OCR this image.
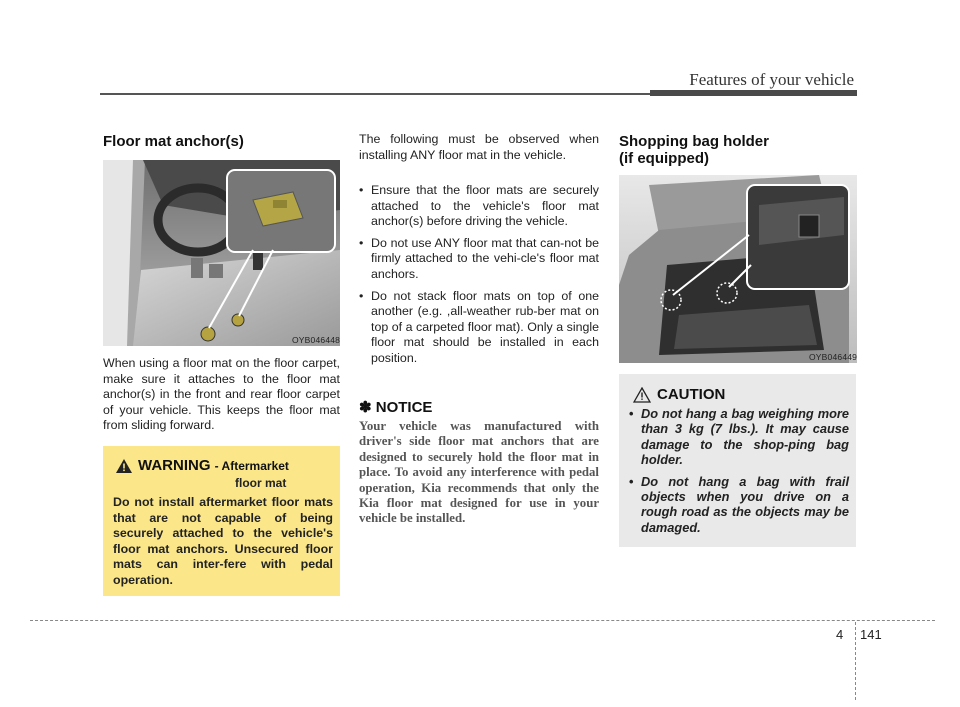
Features of your vehicle
Floor mat anchor(s)
OYB046448
When using a floor mat on the floor carpet, make sure it attaches to the floor mat anchor(s) in the front and rear floor carpet of your vehicle. This keeps the floor mat from sliding forward.
WARNING - Aftermarket
floor mat
Do not install aftermarket floor mats that are not capable of being securely attached to the vehicle's floor mat anchors. Unsecured floor mats can inter-fere with pedal operation.
The following must be observed when installing ANY floor mat in the vehicle.
• Ensure that the floor mats are securely attached to the vehicle's floor mat anchor(s) before driving the vehicle.
• Do not use ANY floor mat that can-not be firmly attached to the vehi-cle's floor mat anchors.
• Do not stack floor mats on top of one another (e.g. ,all-weather rub-ber mat on top of a carpeted floor mat). Only a single floor mat should be installed in each position.
✽ NOTICE
Your vehicle was manufactured with driver's side floor mat anchors that are designed to securely hold the floor mat in place. To avoid any interference with pedal operation, Kia recommends that only the Kia floor mat designed for use in your vehicle be installed.
Shopping bag holder
(if equipped)
OYB046449
CAUTION
• Do not hang a bag weighing more than 3 kg (7 lbs.). It may cause damage to the shop-ping bag holder.
• Do not hang a bag with frail objects when you drive on a rough road as the objects may be damaged.
4 141
